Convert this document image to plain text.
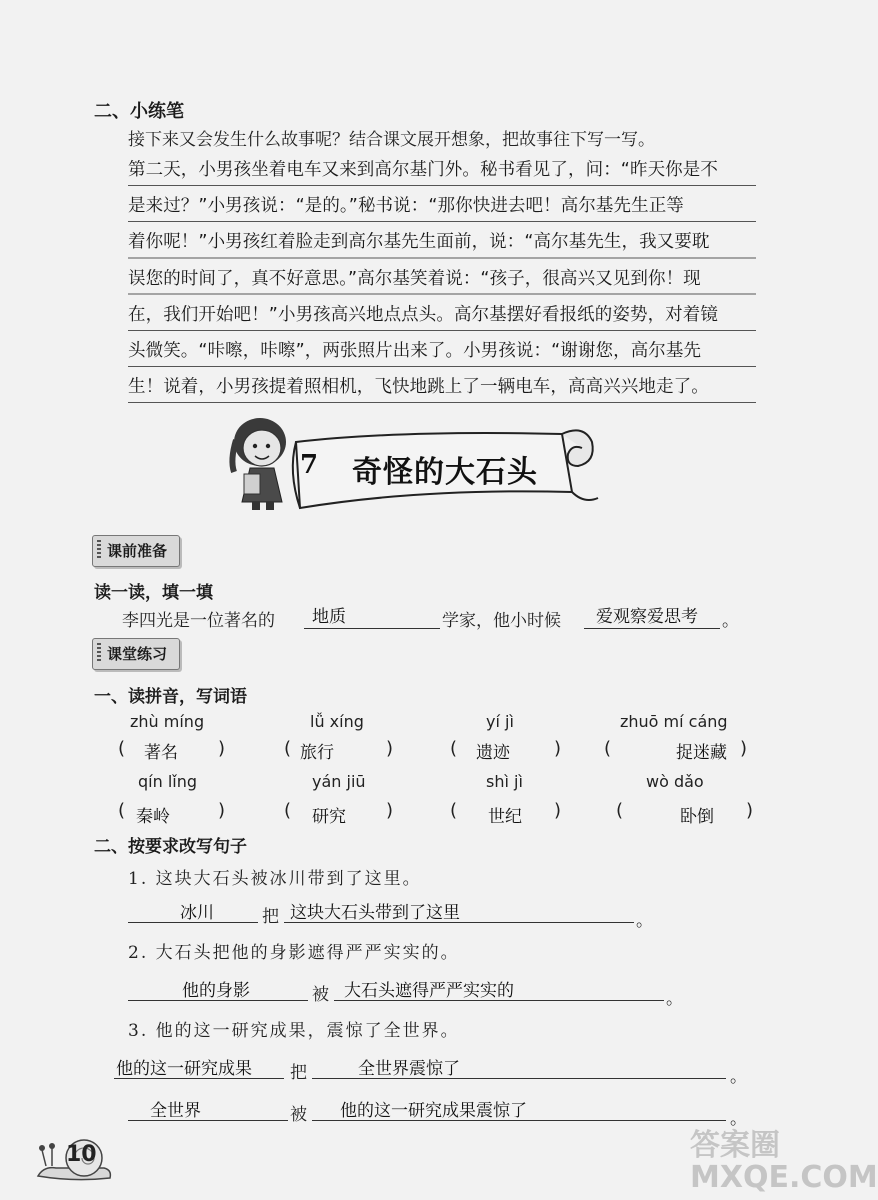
二、小练笔
接下来又会发生什么故事呢？结合课文展开想象，把故事往下写一写。
第二天，小男孩坐着电车又来到高尔基门外。秘书看见了，问：“昨天你是不
是来过？”小男孩说：“是的。”秘书说：“那你快进去吧！高尔基先生正等
着你呢！”小男孩红着脸走到高尔基先生面前，说：“高尔基先生，我又要耽
误您的时间了，真不好意思。”高尔基笑着说：“孩子，很高兴又见到你！现
在，我们开始吧！”小男孩高兴地点点头。高尔基摆好看报纸的姿势，对着镜
头微笑。“咔嚓，咔嚓”，两张照片出来了。小男孩说：“谢谢您，高尔基先
生！说着，小男孩提着照相机，飞快地跳上了一辆电车，高高兴兴地走了。
7 奇怪的大石头
课前准备
读一读，填一填
李四光是一位著名的 地质	学家，他小时候 爱观察爱思考 。
课堂练习
一、读拼音，写词语
zhù míng	lǚ xíng	yí jì	zhuō mí cáng
( 著名 )	( 旅行	)	( 遗迹 ) (	捉迷藏 )
qín lǐng	yán jiū	shì jì	wò dǎo
( 秦岭	)	( 研究 )	( 世纪 )	(	卧倒 )
二、按要求改写句子
1. 这块大石头被冰川带到了这里。
冰川	把 这块大石头带到了这里	。
2. 大石头把他的身影遮得严严实实的。
他的身影	被 大石头遮得严严实实的	。
3. 他的这一研究成果，震惊了全世界。
他的这一研究成果 把	全世界震惊了	。
全世界	被 他的这一研究成果震惊了	。
10	答案圈 MXQE.COM
